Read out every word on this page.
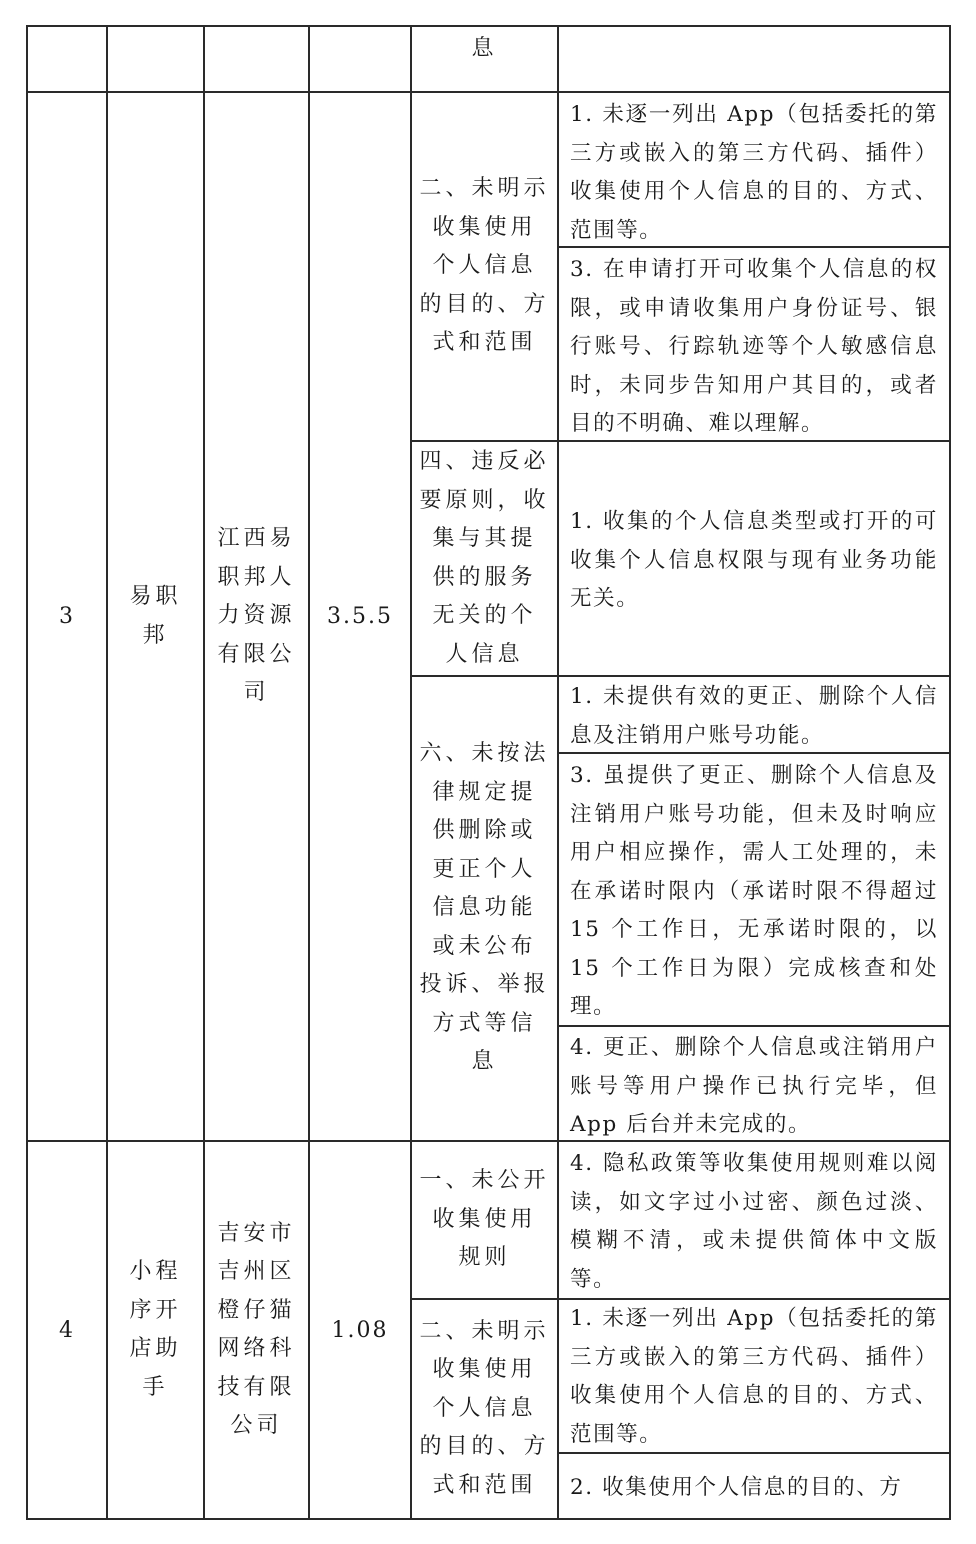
息
3
易职
邦
江西易
职邦人
力资源
有限公
司
3.5.5
二、未明示
收集使用
个人信息
的目的、方
式和范围
1. 未逐一列出 App（包括委托的第三方或嵌入的第三方代码、插件）收集使用个人信息的目的、方式、范围等。
3. 在申请打开可收集个人信息的权限，或申请收集用户身份证号、银行账号、行踪轨迹等个人敏感信息时，未同步告知用户其目的，或者目的不明确、难以理解。
四、违反必
要原则，收
集与其提
供的服务
无关的个
人信息
1. 收集的个人信息类型或打开的可收集个人信息权限与现有业务功能无关。
六、未按法
律规定提
供删除或
更正个人
信息功能
或未公布
投诉、举报
方式等信
息
1. 未提供有效的更正、删除个人信息及注销用户账号功能。
3. 虽提供了更正、删除个人信息及注销用户账号功能，但未及时响应用户相应操作，需人工处理的，未在承诺时限内（承诺时限不得超过 15 个工作日，无承诺时限的，以 15 个工作日为限）完成核查和处理。
4. 更正、删除个人信息或注销用户账号等用户操作已执行完毕，但 App 后台并未完成的。
4
小程
序开
店助
手
吉安市
吉州区
橙仔猫
网络科
技有限
公司
1.08
一、未公开
收集使用
规则
4. 隐私政策等收集使用规则难以阅读，如文字过小过密、颜色过淡、模糊不清，或未提供简体中文版等。
二、未明示
收集使用
个人信息
的目的、方
式和范围
1. 未逐一列出 App（包括委托的第三方或嵌入的第三方代码、插件）收集使用个人信息的目的、方式、范围等。
2. 收集使用个人信息的目的、方
